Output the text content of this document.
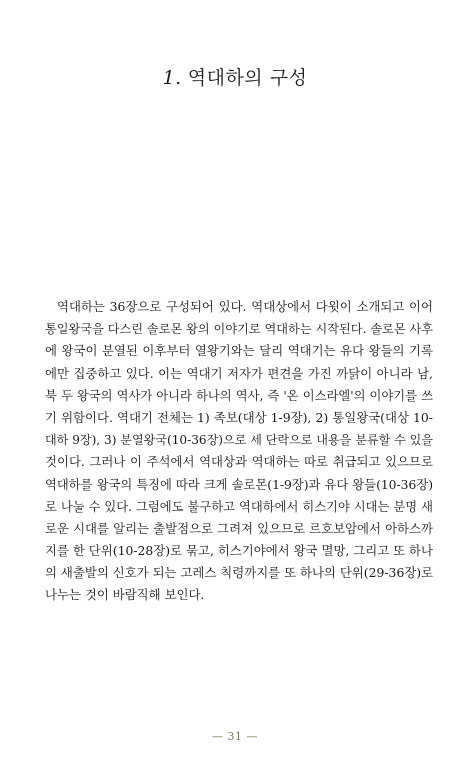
1. 역대하의 구성
역대하는 36장으로 구성되어 있다. 역대상에서 다윗이 소개되고 이어
통일왕국을 다스린 솔로몬 왕의 이야기로 역대하는 시작된다. 솔로몬 사후
에 왕국이 분열된 이후부터 열왕기와는 달리 역대기는 유다 왕들의 기록
에만 집중하고 있다. 이는 역대기 저자가 편견을 가진 까닭이 아니라 남,
북 두 왕국의 역사가 아니라 하나의 역사, 즉 '온 이스라엘'의 이야기를 쓰
기 위함이다. 역대기 전체는 1) 족보(대상 1-9장), 2) 통일왕국(대상 10-
대하 9장), 3) 분열왕국(10-36장)으로 세 단락으로 내용을 분류할 수 있을
것이다. 그러나 이 주석에서 역대상과 역대하는 따로 취급되고 있으므로
역대하를 왕국의 특징에 따라 크게 솔로몬(1-9장)과 유다 왕들(10-36장)
로 나눌 수 있다. 그럼에도 불구하고 역대하에서 히스기야 시대는 분명 새
로운 시대를 알리는 출발점으로 그려져 있으므로 르호보암에서 아하스까
지를 한 단위(10-28장)로 묶고, 히스기야에서 왕국 멸망, 그리고 또 하나
의 새출발의 신호가 되는 고레스 칙령까지를 또 하나의 단위(29-36장)로
나누는 것이 바람직해 보인다.
— 31 —
